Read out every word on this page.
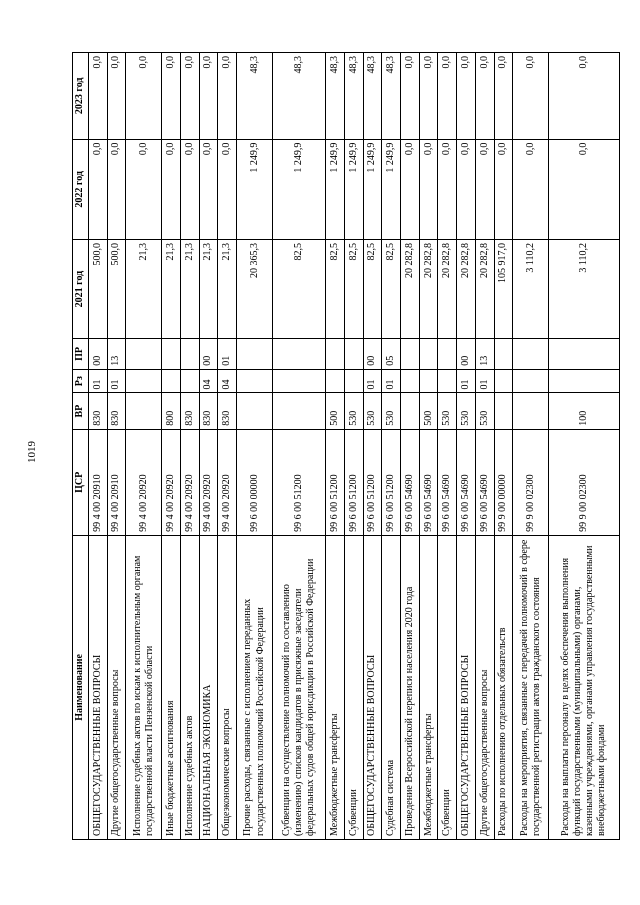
1019
Наименование	ЦСР	ВР	Рз	ПР	2021 год	2022 год	2023 год
ОБЩЕГОСУДАРСТВЕННЫЕ ВОПРОСЫ	99 4 00 20910	830	01	00	500,0	0,0	0,0
Другие общегосударственные вопросы	99 4 00 20910	830	01	13	500,0	0,0	0,0
Исполнение судебных актов по искам к исполнительным органам государственной власти Пензенской области	99 4 00 20920				21,3	0,0	0,0
Иные бюджетные ассигнования	99 4 00 20920	800			21,3	0,0	0,0
Исполнение судебных актов	99 4 00 20920	830			21,3	0,0	0,0
НАЦИОНАЛЬНАЯ ЭКОНОМИКА	99 4 00 20920	830	04	00	21,3	0,0	0,0
Общеэкономические вопросы	99 4 00 20920	830	04	01	21,3	0,0	0,0
Прочие расходы, связанные с исполнением переданных государственных полномочий Российской Федерации	99 6 00 00000				20 365,3	1 249,9	48,3
Субвенции на осуществление полномочий по составлению (изменению) списков кандидатов в присяжные заседатели федеральных судов общей юрисдикции в Российской Федерации	99 6 00 51200				82,5	1 249,9	48,3
Межбюджетные трансферты	99 6 00 51200	500			82,5	1 249,9	48,3
Субвенции	99 6 00 51200	530			82,5	1 249,9	48,3
ОБЩЕГОСУДАРСТВЕННЫЕ ВОПРОСЫ	99 6 00 51200	530	01	00	82,5	1 249,9	48,3
Судебная система	99 6 00 51200	530	01	05	82,5	1 249,9	48,3
Проведение Всероссийской переписи населения 2020 года	99 6 00 54690				20 282,8	0,0	0,0
Межбюджетные трансферты	99 6 00 54690	500			20 282,8	0,0	0,0
Субвенции	99 6 00 54690	530			20 282,8	0,0	0,0
ОБЩЕГОСУДАРСТВЕННЫЕ ВОПРОСЫ	99 6 00 54690	530	01	00	20 282,8	0,0	0,0
Другие общегосударственные вопросы	99 6 00 54690	530	01	13	20 282,8	0,0	0,0
Расходы по исполнению отдельных обязательств	99 9 00 00000				105 917,0	0,0	0,0
Расходы на мероприятия, связанные с передачей полномочий в сфере государственной регистрации актов гражданского состояния	99 9 00 02300				3 110,2	0,0	0,0
Расходы на выплаты персоналу в целях обеспечения выполнения функций государственными (муниципальными) органами, казенными учреждениями, органами управления государственными внебюджетными фондами	99 9 00 02300	100			3 110,2	0,0	0,0
